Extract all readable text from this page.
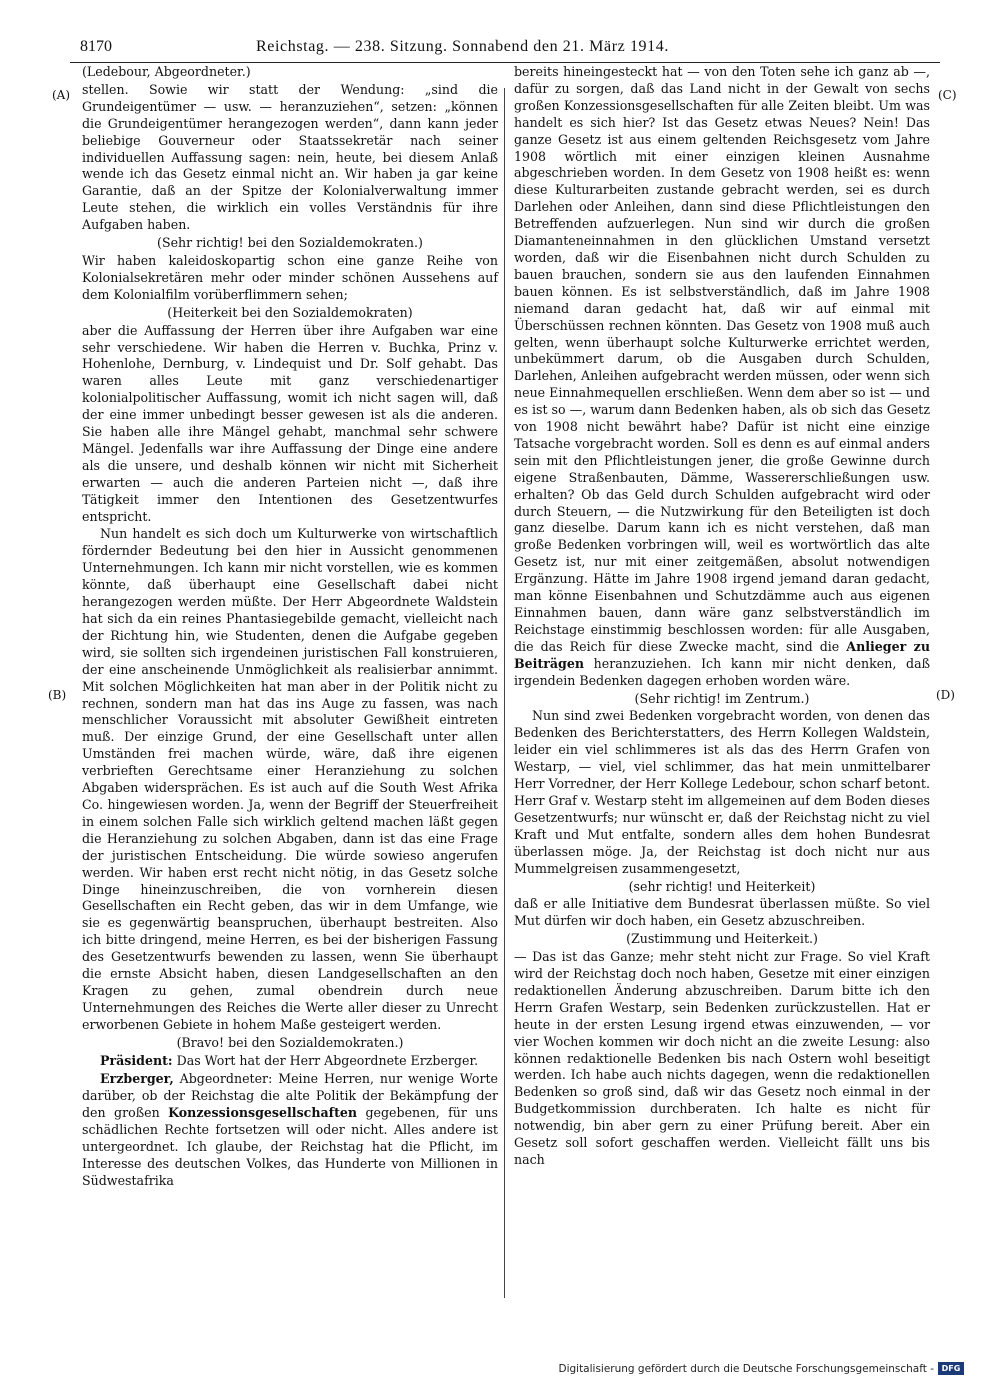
8170	Reichstag. — 238. Sitzung. Sonnabend den 21. März 1914.
(A)
(B)
(C)
(D)

(Ledebour, Abgeordneter.)

stellen. Sowie wir statt der Wendung: „sind die Grundeigentümer — usw. — heranzuziehen“, setzen: „können die Grundeigentümer herangezogen werden“, dann kann jeder beliebige Gouverneur oder Staatssekretär nach seiner individuellen Auffassung sagen: nein, heute, bei diesem Anlaß wende ich das Gesetz einmal nicht an. Wir haben ja gar keine Garantie, daß an der Spitze der Kolonialverwaltung immer Leute stehen, die wirklich ein volles Verständnis für ihre Aufgaben haben.

(Sehr richtig! bei den Sozialdemokraten.)

Wir haben kaleidoskopartig schon eine ganze Reihe von Kolonialsekretären mehr oder minder schönen Aussehens auf dem Kolonialfilm vorüberflimmern sehen;

(Heiterkeit bei den Sozialdemokraten)

aber die Auffassung der Herren über ihre Aufgaben war eine sehr verschiedene. Wir haben die Herren v. Buchka, Prinz v. Hohenlohe, Dernburg, v. Lindequist und Dr. Solf gehabt. Das waren alles Leute mit ganz verschiedenartiger kolonialpolitischer Auffassung, womit ich nicht sagen will, daß der eine immer unbedingt besser gewesen ist als die anderen. Sie haben alle ihre Mängel gehabt, manchmal sehr schwere Mängel. Jedenfalls war ihre Auffassung der Dinge eine andere als die unsere, und deshalb können wir nicht mit Sicherheit erwarten — auch die anderen Parteien nicht —, daß ihre Tätigkeit immer den Intentionen des Gesetzentwurfes entspricht.

Nun handelt es sich doch um Kulturwerke von wirtschaftlich fördernder Bedeutung bei den hier in Aussicht genommenen Unternehmungen. Ich kann mir nicht vorstellen, wie es kommen könnte, daß überhaupt eine Gesellschaft dabei nicht herangezogen werden müßte. Der Herr Abgeordnete Waldstein hat sich da ein reines Phantasiegebilde gemacht, vielleicht nach der Richtung hin, wie Studenten, denen die Aufgabe gegeben wird, sie sollten sich irgendeinen juristischen Fall konstruieren, der eine anscheinende Unmöglichkeit als realisierbar annimmt. Mit solchen Möglichkeiten hat man aber in der Politik nicht zu rechnen, sondern man hat das ins Auge zu fassen, was nach menschlicher Voraussicht mit absoluter Gewißheit eintreten muß. Der einzige Grund, der eine Gesellschaft unter allen Umständen frei machen würde, wäre, daß ihre eigenen verbrieften Gerechtsame einer Heranziehung zu solchen Abgaben widersprächen. Es ist auch auf die South West Afrika Co. hingewiesen worden. Ja, wenn der Begriff der Steuerfreiheit in einem solchen Falle sich wirklich geltend machen läßt gegen die Heranziehung zu solchen Abgaben, dann ist das eine Frage der juristischen Entscheidung. Die würde sowieso angerufen werden. Wir haben erst recht nicht nötig, in das Gesetz solche Dinge hineinzuschreiben, die von vornherein diesen Gesellschaften ein Recht geben, das wir in dem Umfange, wie sie es gegenwärtig beanspruchen, überhaupt bestreiten. Also ich bitte dringend, meine Herren, es bei der bisherigen Fassung des Gesetzentwurfs bewenden zu lassen, wenn Sie überhaupt die ernste Absicht haben, diesen Landgesellschaften an den Kragen zu gehen, zumal obendrein durch neue Unternehmungen des Reiches die Werte aller dieser zu Unrecht erworbenen Gebiete in hohem Maße gesteigert werden.

(Bravo! bei den Sozialdemokraten.)

Präsident: Das Wort hat der Herr Abgeordnete Erzberger.

Erzberger, Abgeordneter: Meine Herren, nur wenige Worte darüber, ob der Reichstag die alte Politik der Bekämpfung der den großen Konzessionsgesellschaften gegebenen, für uns schädlichen Rechte fortsetzen will oder nicht. Alles andere ist untergeordnet. Ich glaube, der Reichstag hat die Pflicht, im Interesse des deutschen Volkes, das Hunderte von Millionen in Südwestafrika

bereits hineingesteckt hat — von den Toten sehe ich ganz ab —, dafür zu sorgen, daß das Land nicht in der Gewalt von sechs großen Konzessionsgesellschaften für alle Zeiten bleibt. Um was handelt es sich hier? Ist das Gesetz etwas Neues? Nein! Das ganze Gesetz ist aus einem geltenden Reichsgesetz vom Jahre 1908 wörtlich mit einer einzigen kleinen Ausnahme abgeschrieben worden. In dem Gesetz von 1908 heißt es: wenn diese Kulturarbeiten zustande gebracht werden, sei es durch Darlehen oder Anleihen, dann sind diese Pflichtleistungen den Betreffenden aufzuerlegen. Nun sind wir durch die großen Diamanteneinnahmen in den glücklichen Umstand versetzt worden, daß wir die Eisenbahnen nicht durch Schulden zu bauen brauchen, sondern sie aus den laufenden Einnahmen bauen können. Es ist selbstverständlich, daß im Jahre 1908 niemand daran gedacht hat, daß wir auf einmal mit Überschüssen rechnen könnten. Das Gesetz von 1908 muß auch gelten, wenn überhaupt solche Kulturwerke errichtet werden, unbekümmert darum, ob die Ausgaben durch Schulden, Darlehen, Anleihen aufgebracht werden müssen, oder wenn sich neue Einnahmequellen erschließen. Wenn dem aber so ist — und es ist so —, warum dann Bedenken haben, als ob sich das Gesetz von 1908 nicht bewährt habe? Dafür ist nicht eine einzige Tatsache vorgebracht worden. Soll es denn es auf einmal anders sein mit den Pflichtleistungen jener, die große Gewinne durch eigene Straßenbauten, Dämme, Wassererschließungen usw. erhalten? Ob das Geld durch Schulden aufgebracht wird oder durch Steuern, — die Nutzwirkung für den Beteiligten ist doch ganz dieselbe. Darum kann ich es nicht verstehen, daß man große Bedenken vorbringen will, weil es wortwörtlich das alte Gesetz ist, nur mit einer zeitgemäßen, absolut notwendigen Ergänzung. Hätte im Jahre 1908 irgend jemand daran gedacht, man könne Eisenbahnen und Schutzdämme auch aus eigenen Einnahmen bauen, dann wäre ganz selbstverständlich im Reichstage einstimmig beschlossen worden: für alle Ausgaben, die das Reich für diese Zwecke macht, sind die Anlieger zu Beiträgen heranzuziehen. Ich kann mir nicht denken, daß irgendein Bedenken dagegen erhoben worden wäre.

(Sehr richtig! im Zentrum.)

Nun sind zwei Bedenken vorgebracht worden, von denen das Bedenken des Berichterstatters, des Herrn Kollegen Waldstein, leider ein viel schlimmeres ist als das des Herrn Grafen von Westarp, — viel, viel schlimmer, das hat mein unmittelbarer Herr Vorredner, der Herr Kollege Ledebour, schon scharf betont. Herr Graf v. Westarp steht im allgemeinen auf dem Boden dieses Gesetzentwurfs; nur wünscht er, daß der Reichstag nicht zu viel Kraft und Mut entfalte, sondern alles dem hohen Bundesrat überlassen möge. Ja, der Reichstag ist doch nicht nur aus Mummelgreisen zusammengesetzt,

(sehr richtig! und Heiterkeit)

daß er alle Initiative dem Bundesrat überlassen müßte. So viel Mut dürfen wir doch haben, ein Gesetz abzuschreiben.

(Zustimmung und Heiterkeit.)

— Das ist das Ganze; mehr steht nicht zur Frage. So viel Kraft wird der Reichstag doch noch haben, Gesetze mit einer einzigen redaktionellen Änderung abzuschreiben. Darum bitte ich den Herrn Grafen Westarp, sein Bedenken zurückzustellen. Hat er heute in der ersten Lesung irgend etwas einzuwenden, — vor vier Wochen kommen wir doch nicht an die zweite Lesung: also können redaktionelle Bedenken bis nach Ostern wohl beseitigt werden. Ich habe auch nichts dagegen, wenn die redaktionellen Bedenken so groß sind, daß wir das Gesetz noch einmal in der Budgetkommission durchberaten. Ich halte es nicht für notwendig, bin aber gern zu einer Prüfung bereit. Aber ein Gesetz soll sofort geschaffen werden. Vielleicht fällt uns bis nach

Digitalisierung gefördert durch die Deutsche Forschungsgemeinschaft - DFG
